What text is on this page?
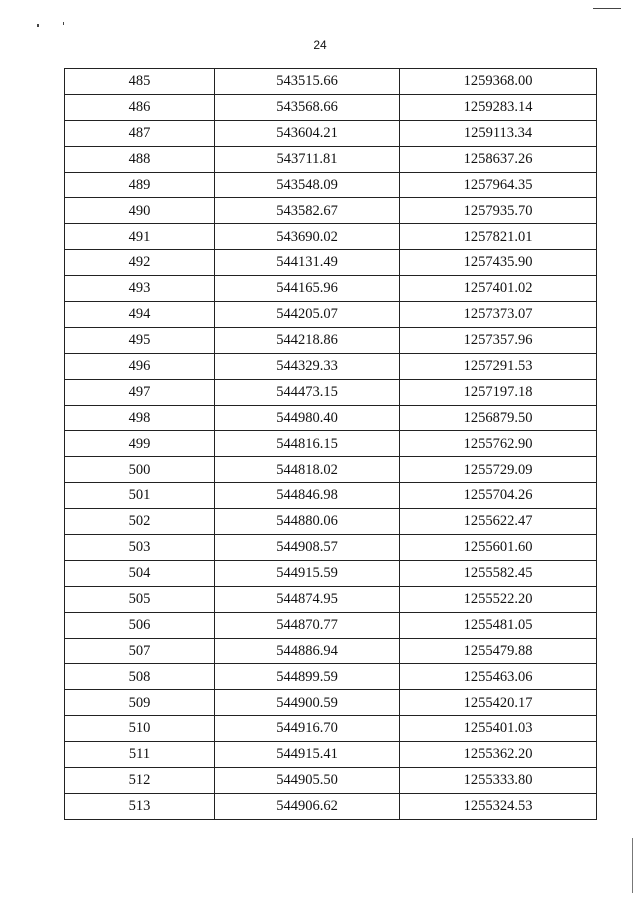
24
485	543515.66	1259368.00
486	543568.66	1259283.14
487	543604.21	1259113.34
488	543711.81	1258637.26
489	543548.09	1257964.35
490	543582.67	1257935.70
491	543690.02	1257821.01
492	544131.49	1257435.90
493	544165.96	1257401.02
494	544205.07	1257373.07
495	544218.86	1257357.96
496	544329.33	1257291.53
497	544473.15	1257197.18
498	544980.40	1256879.50
499	544816.15	1255762.90
500	544818.02	1255729.09
501	544846.98	1255704.26
502	544880.06	1255622.47
503	544908.57	1255601.60
504	544915.59	1255582.45
505	544874.95	1255522.20
506	544870.77	1255481.05
507	544886.94	1255479.88
508	544899.59	1255463.06
509	544900.59	1255420.17
510	544916.70	1255401.03
511	544915.41	1255362.20
512	544905.50	1255333.80
513	544906.62	1255324.53
